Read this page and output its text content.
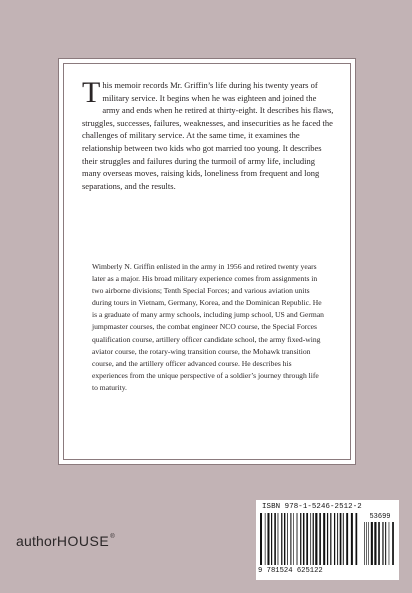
This memoir records Mr. Griffin’s life during his twenty years of military service. It begins when he was eighteen and joined the army and ends when he retired at thirty-eight. It describes his flaws, struggles, successes, failures, weaknesses, and insecurities as he faced the challenges of military service. At the same time, it examines the relationship between two kids who got married too young. It describes their struggles and failures during the turmoil of army life, including many overseas moves, raising kids, loneliness from frequent and long separations, and the results.

Wimberly N. Griffin enlisted in the army in 1956 and retired twenty years later as a major. His broad military experience comes from assignments in two airborne divisions; Tenth Special Forces; and various aviation units during tours in Vietnam, Germany, Korea, and the Dominican Republic. He is a graduate of many army schools, including jump school, US and German jumpmaster courses, the combat engineer NCO course, the Special Forces qualification course, artillery officer candidate school, the army fixed-wing aviator course, the rotary-wing transition course, the Mohawk transition course, and the artillery officer advanced course. He describes his experiences from the unique perspective of a soldier’s journey through life to maturity.

authorHOUSE®
ISBN 978-1-5246-2512-2
53699
9 781524 625122
